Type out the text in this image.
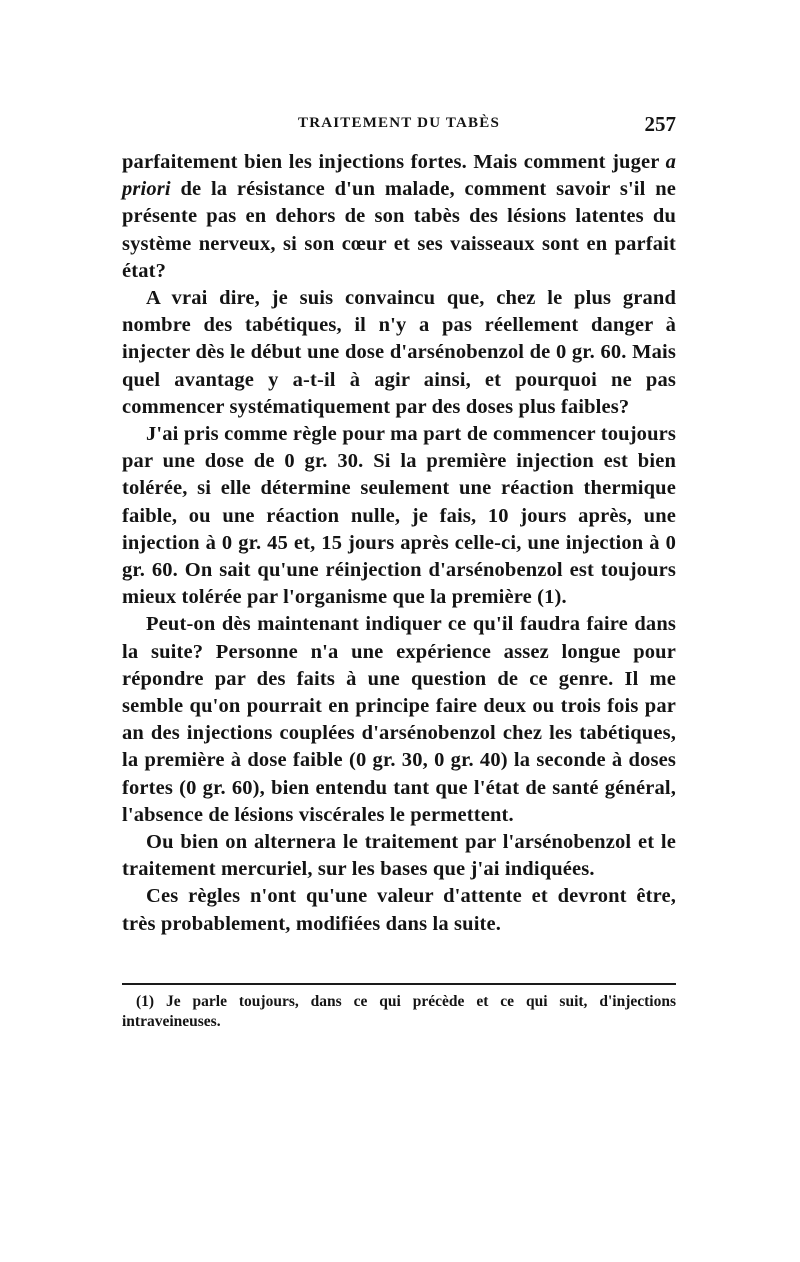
TRAITEMENT DU TABÈS	257

parfaitement bien les injections fortes. Mais comment juger a priori de la résistance d'un malade, comment savoir s'il ne présente pas en dehors de son tabès des lésions latentes du système nerveux, si son cœur et ses vaisseaux sont en parfait état?

A vrai dire, je suis convaincu que, chez le plus grand nombre des tabétiques, il n'y a pas réellement danger à injecter dès le début une dose d'arsénobenzol de 0 gr. 60. Mais quel avantage y a-t-il à agir ainsi, et pourquoi ne pas commencer systématiquement par des doses plus faibles?

J'ai pris comme règle pour ma part de commencer toujours par une dose de 0 gr. 30. Si la première injection est bien tolérée, si elle détermine seulement une réaction thermique faible, ou une réaction nulle, je fais, 10 jours après, une injection à 0 gr. 45 et, 15 jours après celle-ci, une injection à 0 gr. 60. On sait qu'une réinjection d'arsénobenzol est toujours mieux tolérée par l'organisme que la première (1).

Peut-on dès maintenant indiquer ce qu'il faudra faire dans la suite? Personne n'a une expérience assez longue pour répondre par des faits à une question de ce genre. Il me semble qu'on pourrait en principe faire deux ou trois fois par an des injections couplées d'arsénobenzol chez les tabétiques, la première à dose faible (0 gr. 30, 0 gr. 40) la seconde à doses fortes (0 gr. 60), bien entendu tant que l'état de santé général, l'absence de lésions viscérales le permettent.

Ou bien on alternera le traitement par l'arsénobenzol et le traitement mercuriel, sur les bases que j'ai indiquées.

Ces règles n'ont qu'une valeur d'attente et devront être, très probablement, modifiées dans la suite.

(1) Je parle toujours, dans ce qui précède et ce qui suit, d'injections intraveineuses.
